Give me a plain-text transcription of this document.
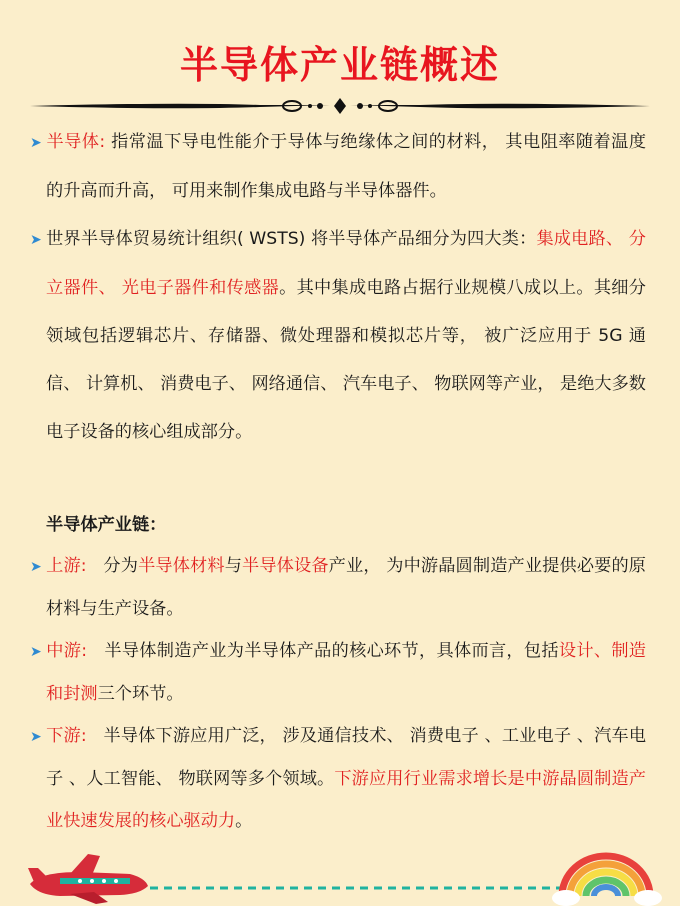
半导体产业链概述

➤ 半导体: 指常温下导电性能介于导体与绝缘体之间的材料， 其电阻率随着温度的升高而升高， 可用来制作集成电路与半导体器件。

➤ 世界半导体贸易统计组织( WSTS) 将半导体产品细分为四大类：集成电路、 分立器件、 光电子器件和传感器。其中集成电路占据行业规模八成以上。其细分领域包括逻辑芯片、存储器、微处理器和模拟芯片等， 被广泛应用于 5G 通信、 计算机、 消费电子、 网络通信、 汽车电子、 物联网等产业， 是绝大多数电子设备的核心组成部分。

半导体产业链：

➤ 上游: 分为半导体材料与半导体设备产业， 为中游晶圆制造产业提供必要的原材料与生产设备。

➤ 中游: 半导体制造产业为半导体产品的核心环节，具体而言，包括设计、制造和封测三个环节。

➤ 下游: 半导体下游应用广泛， 涉及通信技术、 消费电子 、工业电子 、汽车电子 、人工智能、 物联网等多个领域。下游应用行业需求增长是中游晶圆制造产业快速发展的核心驱动力。
